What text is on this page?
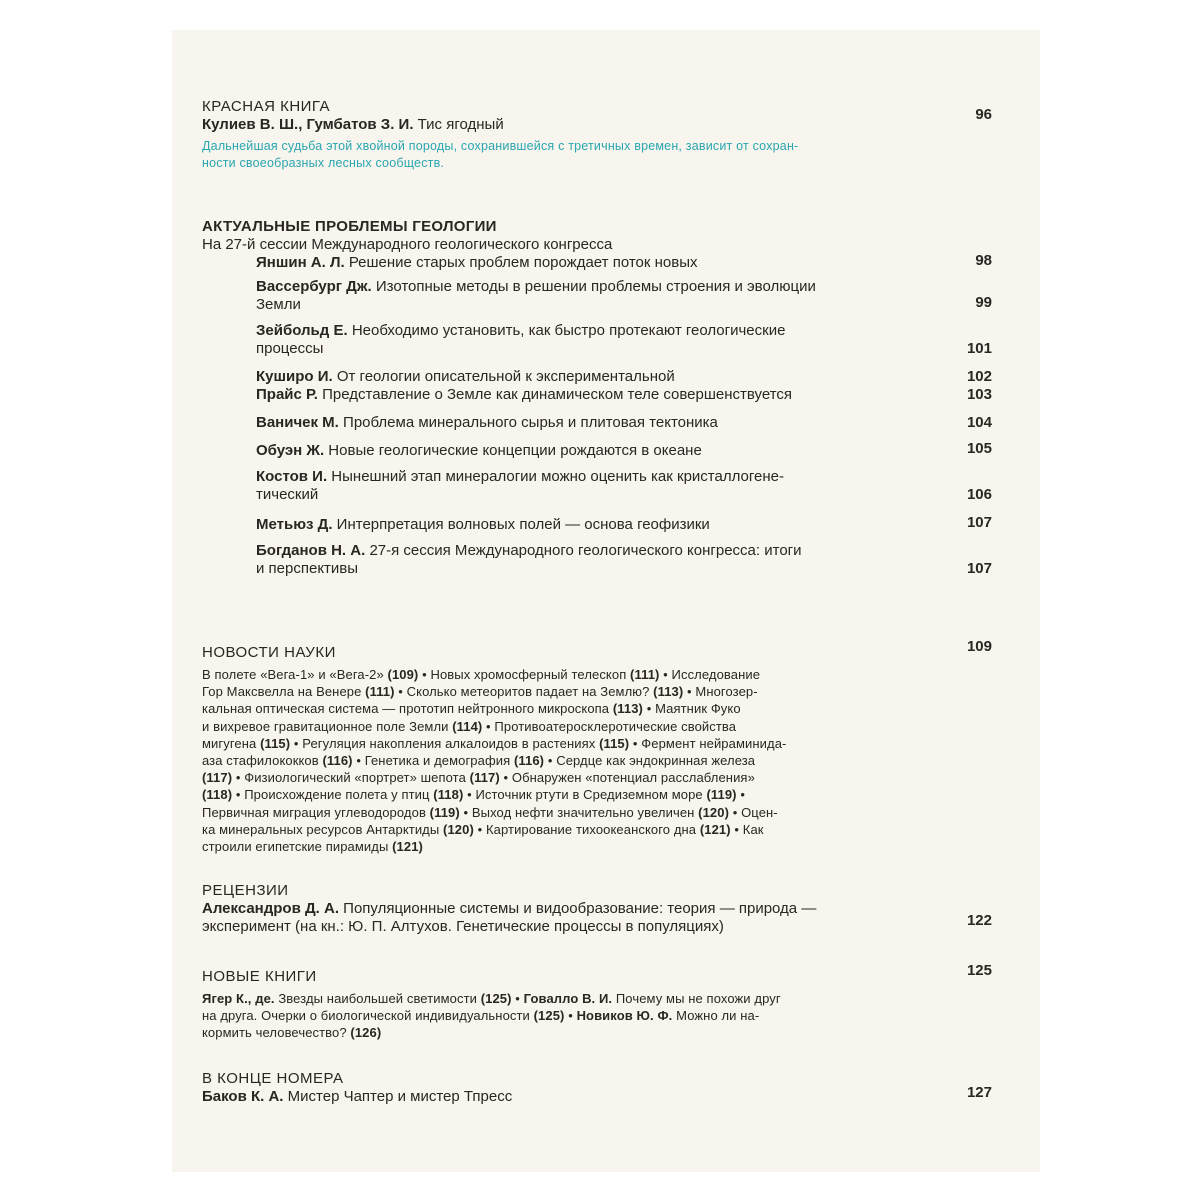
КРАСНАЯ КНИГА
Кулиев В. Ш., Гумбатов З. И. Тис ягодный
96
Дальнейшая судьба этой хвойной породы, сохранившейся с третичных времен, зависит от сохран-
ности своеобразных лесных сообществ.
АКТУАЛЬНЫЕ ПРОБЛЕМЫ ГЕОЛОГИИ
На 27-й сессии Международного геологического конгресса
Яншин А. Л. Решение старых проблем порождает поток новых	98
Вассербург Дж. Изотопные методы в решении проблемы строения и эволюции
Земли	99
Зейбольд Е. Необходимо установить, как быстро протекают геологические
процессы	101
Куширо И. От геологии описательной к экспериментальной	102
Прайс Р. Представление о Земле как динамическом теле совершенствуется	103
Ваничек М. Проблема минерального сырья и плитовая тектоника	104
Обуэн Ж. Новые геологические концепции рождаются в океане	105
Костов И. Нынешний этап минералогии можно оценить как кристаллогене-
тический	106
Метьюз Д. Интерпретация волновых полей — основа геофизики	107
Богданов Н. А. 27-я сессия Международного геологического конгресса: итоги
и перспективы	107
НОВОСТИ НАУКИ	109
В полете «Вега-1» и «Вега-2» (109) • Новых хромосферный телескоп (111) • Исследование
Гор Максвелла на Венере (111) • Сколько метеоритов падает на Землю? (113) • Многозер-
кальная оптическая система — прототип нейтронного микроскопа (113) • Маятник Фуко
и вихревое гравитационное поле Земли (114) • Противоатеросклеротические свойства
мигугена (115) • Регуляция накопления алкалоидов в растениях (115) • Фермент нейраминида-
аза стафилококков (116) • Генетика и демография (116) • Сердце как эндокринная железа
(117) • Физиологический «портрет» шепота (117) • Обнаружен «потенциал расслабления»
(118) • Происхождение полета у птиц (118) • Источник ртути в Средиземном море (119) •
Первичная миграция углеводородов (119) • Выход нефти значительно увеличен (120) • Оцен-
ка минеральных ресурсов Антарктиды (120) • Картирование тихоокеанского дна (121) • Как
строили египетские пирамиды (121)
РЕЦЕНЗИИ
Александров Д. А. Популяционные системы и видообразование: теория — природа —
эксперимент (на кн.: Ю. П. Алтухов. Генетические процессы в популяциях)	122
НОВЫЕ КНИГИ	125
Ягер К., де. Звезды наибольшей светимости (125) • Говалло В. И. Почему мы не похожи друг
на друга. Очерки о биологической индивидуальности (125) • Новиков Ю. Ф. Можно ли на-
кормить человечество? (126)
В КОНЦЕ НОМЕРА
Баков К. А. Мистер Чаптер и мистер Тпресс	127
